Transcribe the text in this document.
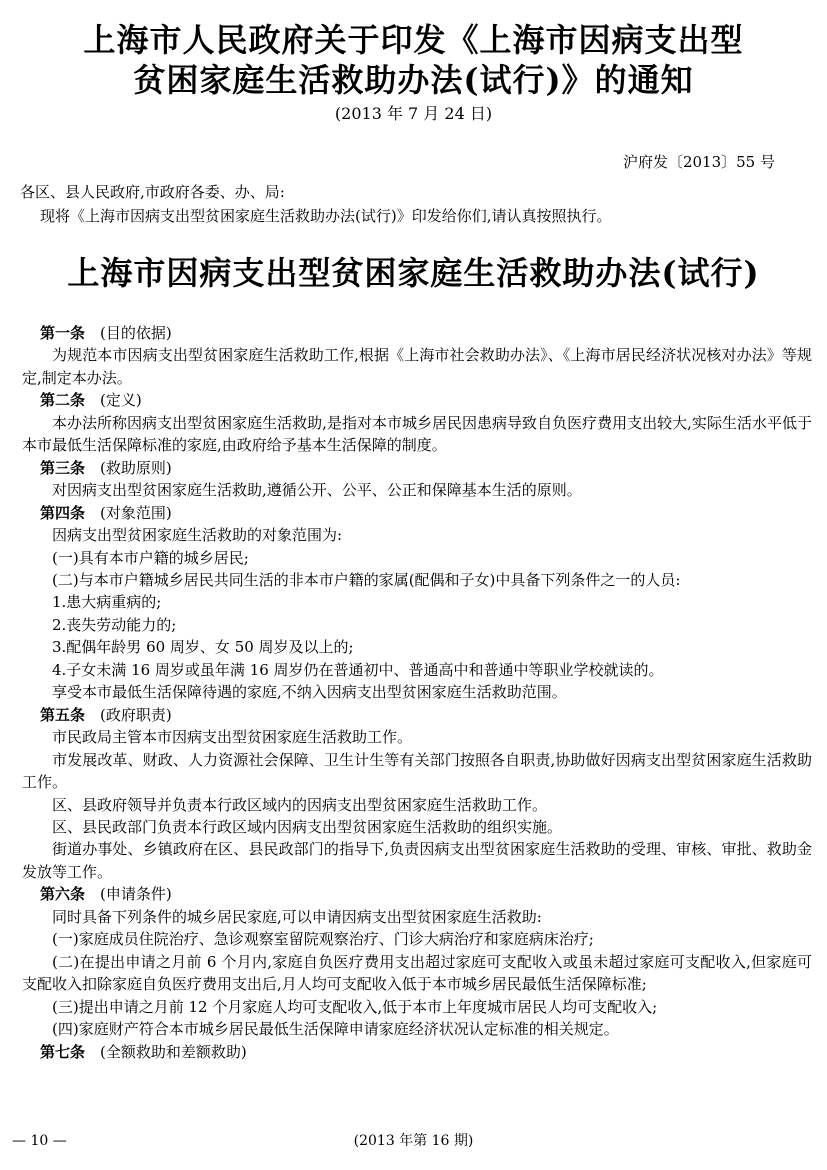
上海市人民政府关于印发《上海市因病支出型
贫困家庭生活救助办法(试行)》的通知
(2013 年 7 月 24 日)
沪府发〔2013〕55 号
各区、县人民政府,市政府各委、办、局:
现将《上海市因病支出型贫困家庭生活救助办法(试行)》印发给你们,请认真按照执行。
上海市因病支出型贫困家庭生活救助办法(试行)

第一条　 (目的依据)

为规范本市因病支出型贫困家庭生活救助工作,根据《上海市社会救助办法》、《上海市居民经济状况核对办法》等规定,制定本办法。

第二条　 (定义)

本办法所称因病支出型贫困家庭生活救助,是指对本市城乡居民因患病导致自负医疗费用支出较大,实际生活水平低于本市最低生活保障标准的家庭,由政府给予基本生活保障的制度。

第三条　 (救助原则)

对因病支出型贫困家庭生活救助,遵循公开、公平、公正和保障基本生活的原则。

第四条　 (对象范围)

因病支出型贫困家庭生活救助的对象范围为:

(一)具有本市户籍的城乡居民;

(二)与本市户籍城乡居民共同生活的非本市户籍的家属(配偶和子女)中具备下列条件之一的人员:

1.患大病重病的;

2.丧失劳动能力的;

3.配偶年龄男 60 周岁、女 50 周岁及以上的;

4.子女未满 16 周岁或虽年满 16 周岁仍在普通初中、普通高中和普通中等职业学校就读的。

享受本市最低生活保障待遇的家庭,不纳入因病支出型贫困家庭生活救助范围。

第五条　 (政府职责)

市民政局主管本市因病支出型贫困家庭生活救助工作。

市发展改革、财政、人力资源社会保障、卫生计生等有关部门按照各自职责,协助做好因病支出型贫困家庭生活救助工作。

区、县政府领导并负责本行政区域内的因病支出型贫困家庭生活救助工作。

区、县民政部门负责本行政区域内因病支出型贫困家庭生活救助的组织实施。

街道办事处、乡镇政府在区、县民政部门的指导下,负责因病支出型贫困家庭生活救助的受理、审核、审批、救助金发放等工作。

第六条　 (申请条件)

同时具备下列条件的城乡居民家庭,可以申请因病支出型贫困家庭生活救助:

(一)家庭成员住院治疗、急诊观察室留院观察治疗、门诊大病治疗和家庭病床治疗;

(二)在提出申请之月前 6 个月内,家庭自负医疗费用支出超过家庭可支配收入或虽未超过家庭可支配收入,但家庭可支配收入扣除家庭自负医疗费用支出后,月人均可支配收入低于本市城乡居民最低生活保障标准;

(三)提出申请之月前 12 个月家庭人均可支配收入,低于本市上年度城市居民人均可支配收入;

(四)家庭财产符合本市城乡居民最低生活保障申请家庭经济状况认定标准的相关规定。

第七条　 (全额救助和差额救助)

— 10 —	(2013 年第 16 期)
